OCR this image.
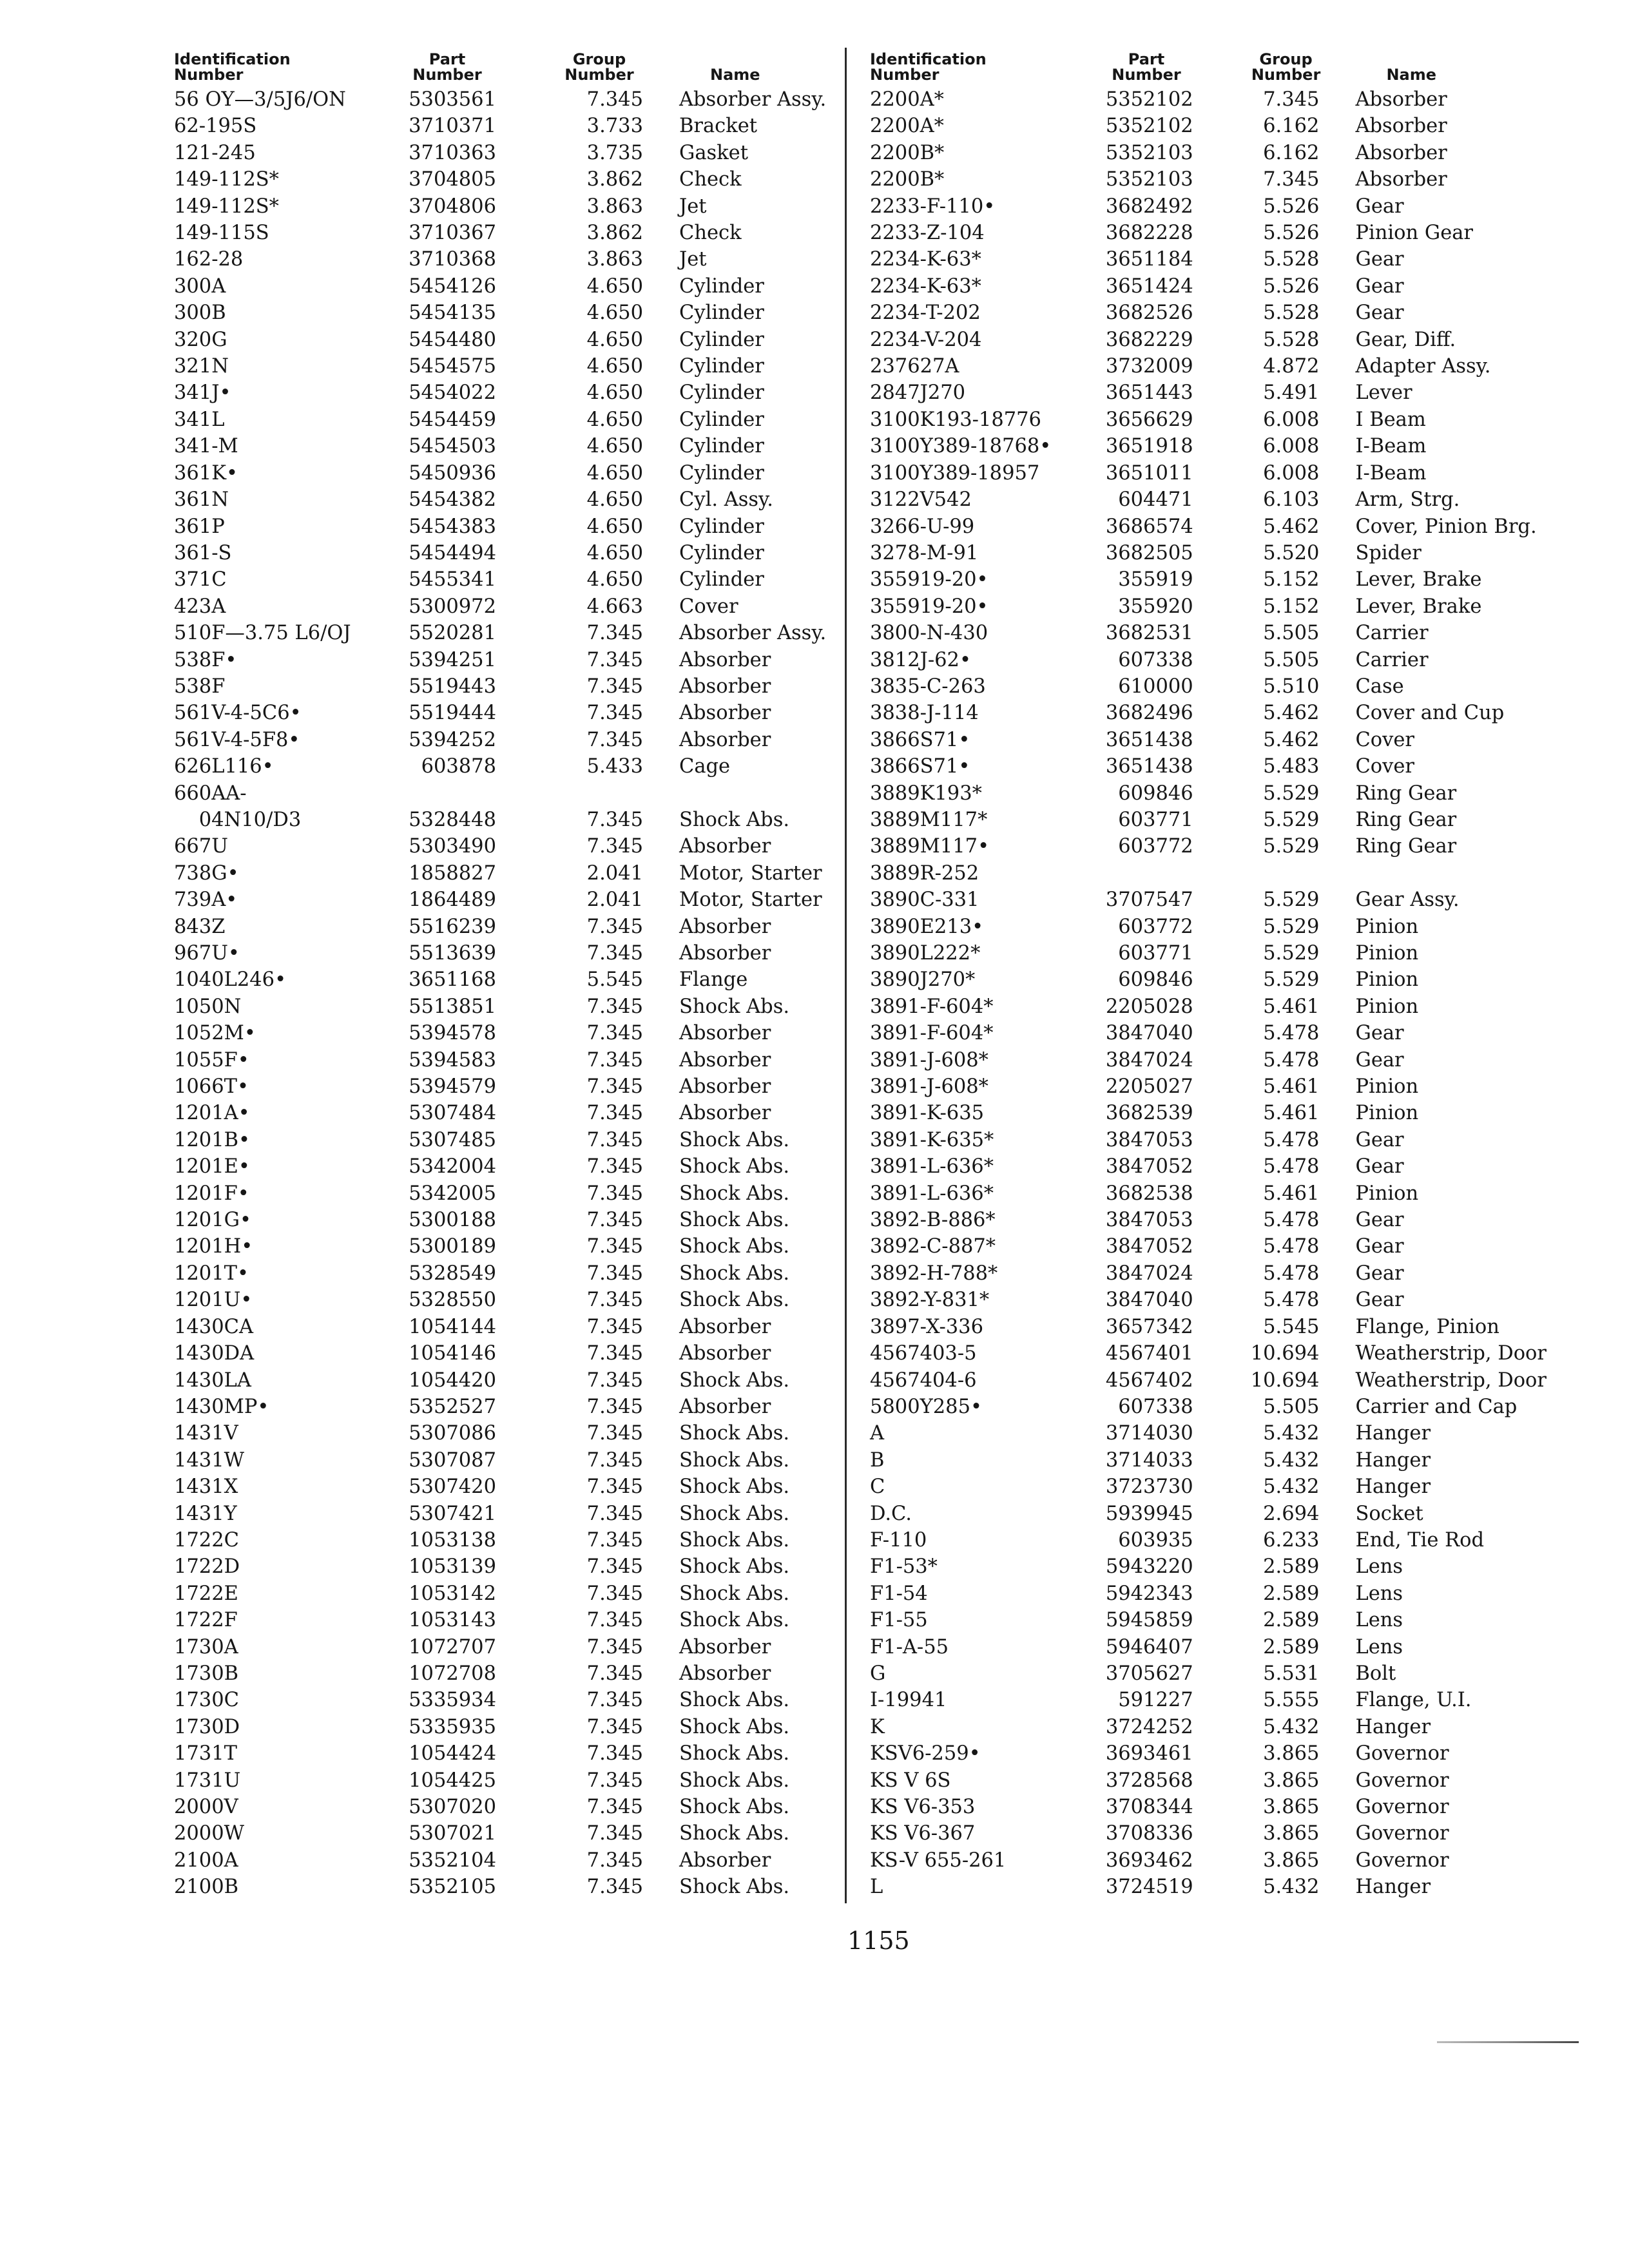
Identification
Number	Part
Number	Group
Number	Name
56 OY—3/5J6/ON	5303561	7.345	Absorber Assy.
62-195S	3710371	3.733	Bracket
121-245	3710363	3.735	Gasket
149-112S*	3704805	3.862	Check
149-112S*	3704806	3.863	Jet
149-115S	3710367	3.862	Check
162-28	3710368	3.863	Jet
300A	5454126	4.650	Cylinder
300B	5454135	4.650	Cylinder
320G	5454480	4.650	Cylinder
321N	5454575	4.650	Cylinder
341J•	5454022	4.650	Cylinder
341L	5454459	4.650	Cylinder
341-M	5454503	4.650	Cylinder
361K•	5450936	4.650	Cylinder
361N	5454382	4.650	Cyl. Assy.
361P	5454383	4.650	Cylinder
361-S	5454494	4.650	Cylinder
371C	5455341	4.650	Cylinder
423A	5300972	4.663	Cover
510F—3.75 L6/OJ	5520281	7.345	Absorber Assy.
538F•	5394251	7.345	Absorber
538F	5519443	7.345	Absorber
561V-4-5C6•	5519444	7.345	Absorber
561V-4-5F8•	5394252	7.345	Absorber
626L116•	603878	5.433	Cage
660AA-			
04N10/D3	5328448	7.345	Shock Abs.
667U	5303490	7.345	Absorber
738G•	1858827	2.041	Motor, Starter
739A•	1864489	2.041	Motor, Starter
843Z	5516239	7.345	Absorber
967U•	5513639	7.345	Absorber
1040L246•	3651168	5.545	Flange
1050N	5513851	7.345	Shock Abs.
1052M•	5394578	7.345	Absorber
1055F•	5394583	7.345	Absorber
1066T•	5394579	7.345	Absorber
1201A•	5307484	7.345	Absorber
1201B•	5307485	7.345	Shock Abs.
1201E•	5342004	7.345	Shock Abs.
1201F•	5342005	7.345	Shock Abs.
1201G•	5300188	7.345	Shock Abs.
1201H•	5300189	7.345	Shock Abs.
1201T•	5328549	7.345	Shock Abs.
1201U•	5328550	7.345	Shock Abs.
1430CA	1054144	7.345	Absorber
1430DA	1054146	7.345	Absorber
1430LA	1054420	7.345	Shock Abs.
1430MP•	5352527	7.345	Absorber
1431V	5307086	7.345	Shock Abs.
1431W	5307087	7.345	Shock Abs.
1431X	5307420	7.345	Shock Abs.
1431Y	5307421	7.345	Shock Abs.
1722C	1053138	7.345	Shock Abs.
1722D	1053139	7.345	Shock Abs.
1722E	1053142	7.345	Shock Abs.
1722F	1053143	7.345	Shock Abs.
1730A	1072707	7.345	Absorber
1730B	1072708	7.345	Absorber
1730C	5335934	7.345	Shock Abs.
1730D	5335935	7.345	Shock Abs.
1731T	1054424	7.345	Shock Abs.
1731U	1054425	7.345	Shock Abs.
2000V	5307020	7.345	Shock Abs.
2000W	5307021	7.345	Shock Abs.
2100A	5352104	7.345	Absorber
2100B	5352105	7.345	Shock Abs.
Identification
Number	Part
Number	Group
Number	Name
2200A*	5352102	7.345	Absorber
2200A*	5352102	6.162	Absorber
2200B*	5352103	6.162	Absorber
2200B*	5352103	7.345	Absorber
2233-F-110•	3682492	5.526	Gear
2233-Z-104	3682228	5.526	Pinion Gear
2234-K-63*	3651184	5.528	Gear
2234-K-63*	3651424	5.526	Gear
2234-T-202	3682526	5.528	Gear
2234-V-204	3682229	5.528	Gear, Diff.
237627A	3732009	4.872	Adapter Assy.
2847J270	3651443	5.491	Lever
3100K193-18776	3656629	6.008	I Beam
3100Y389-18768•	3651918	6.008	I-Beam
3100Y389-18957	3651011	6.008	I-Beam
3122V542	604471	6.103	Arm, Strg.
3266-U-99	3686574	5.462	Cover, Pinion Brg.
3278-M-91	3682505	5.520	Spider
355919-20•	355919	5.152	Lever, Brake
355919-20•	355920	5.152	Lever, Brake
3800-N-430	3682531	5.505	Carrier
3812J-62•	607338	5.505	Carrier
3835-C-263	610000	5.510	Case
3838-J-114	3682496	5.462	Cover and Cup
3866S71•	3651438	5.462	Cover
3866S71•	3651438	5.483	Cover
3889K193*	609846	5.529	Ring Gear
3889M117*	603771	5.529	Ring Gear
3889M117•	603772	5.529	Ring Gear
3889R-252			
3890C-331	3707547	5.529	Gear Assy.
3890E213•	603772	5.529	Pinion
3890L222*	603771	5.529	Pinion
3890J270*	609846	5.529	Pinion
3891-F-604*	2205028	5.461	Pinion
3891-F-604*	3847040	5.478	Gear
3891-J-608*	3847024	5.478	Gear
3891-J-608*	2205027	5.461	Pinion
3891-K-635	3682539	5.461	Pinion
3891-K-635*	3847053	5.478	Gear
3891-L-636*	3847052	5.478	Gear
3891-L-636*	3682538	5.461	Pinion
3892-B-886*	3847053	5.478	Gear
3892-C-887*	3847052	5.478	Gear
3892-H-788*	3847024	5.478	Gear
3892-Y-831*	3847040	5.478	Gear
3897-X-336	3657342	5.545	Flange, Pinion
4567403-5	4567401	10.694	Weatherstrip, Door
4567404-6	4567402	10.694	Weatherstrip, Door
5800Y285•	607338	5.505	Carrier and Cap
A	3714030	5.432	Hanger
B	3714033	5.432	Hanger
C	3723730	5.432	Hanger
D.C.	5939945	2.694	Socket
F-110	603935	6.233	End, Tie Rod
F1-53*	5943220	2.589	Lens
F1-54	5942343	2.589	Lens
F1-55	5945859	2.589	Lens
F1-A-55	5946407	2.589	Lens
G	3705627	5.531	Bolt
I-19941	591227	5.555	Flange, U.I.
K	3724252	5.432	Hanger
KSV6-259•	3693461	3.865	Governor
KS V 6S	3728568	3.865	Governor
KS V6-353	3708344	3.865	Governor
KS V6-367	3708336	3.865	Governor
KS-V 655-261	3693462	3.865	Governor
L	3724519	5.432	Hanger
1155
